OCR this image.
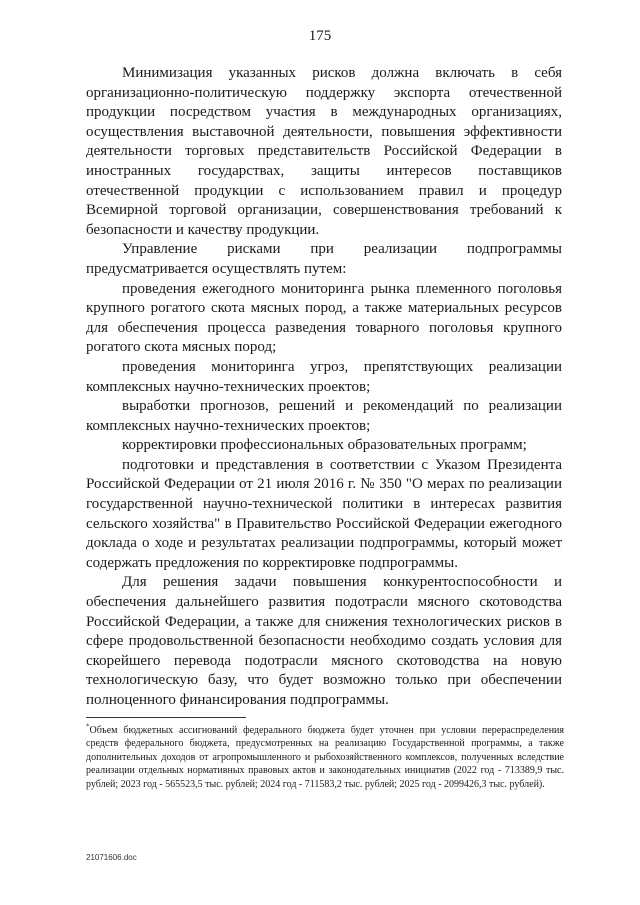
175

Минимизация указанных рисков должна включать в себя организационно-политическую поддержку экспорта отечественной продукции посредством участия в международных организациях, осуществления выставочной деятельности, повышения эффективности деятельности торговых представительств Российской Федерации в иностранных государствах, защиты интересов поставщиков отечественной продукции с использованием правил и процедур Всемирной торговой организации, совершенствования требований к безопасности и качеству продукции.

Управление рисками при реализации подпрограммы предусматривается осуществлять путем:

проведения ежегодного мониторинга рынка племенного поголовья крупного рогатого скота мясных пород, а также материальных ресурсов для обеспечения процесса разведения товарного поголовья крупного рогатого скота мясных пород;

проведения мониторинга угроз, препятствующих реализации комплексных научно-технических проектов;

выработки прогнозов, решений и рекомендаций по реализации комплексных научно-технических проектов;

корректировки профессиональных образовательных программ;

подготовки и представления в соответствии с Указом Президента Российской Федерации от 21 июля 2016 г. № 350 "О мерах по реализации государственной научно-технической политики в интересах развития сельского хозяйства" в Правительство Российской Федерации ежегодного доклада о ходе и результатах реализации подпрограммы, который может содержать предложения по корректировке подпрограммы.

Для решения задачи повышения конкурентоспособности и обеспечения дальнейшего развития подотрасли мясного скотоводства Российской Федерации, а также для снижения технологических рисков в сфере продовольственной безопасности необходимо создать условия для скорейшего перевода подотрасли мясного скотоводства на новую технологическую базу, что будет возможно только при обеспечении полноценного финансирования подпрограммы.

*Объем бюджетных ассигнований федерального бюджета будет уточнен при условии перераспределения средств федерального бюджета, предусмотренных на реализацию Государственной программы, а также дополнительных доходов от агропромышленного и рыбохозяйственного комплексов, полученных вследствие реализации отдельных нормативных правовых актов и законодательных инициатив (2022 год - 713389,9 тыс. рублей; 2023 год - 565523,5 тыс. рублей; 2024 год - 711583,2 тыс. рублей; 2025 год - 2099426,3 тыс. рублей).
21071606.doc
